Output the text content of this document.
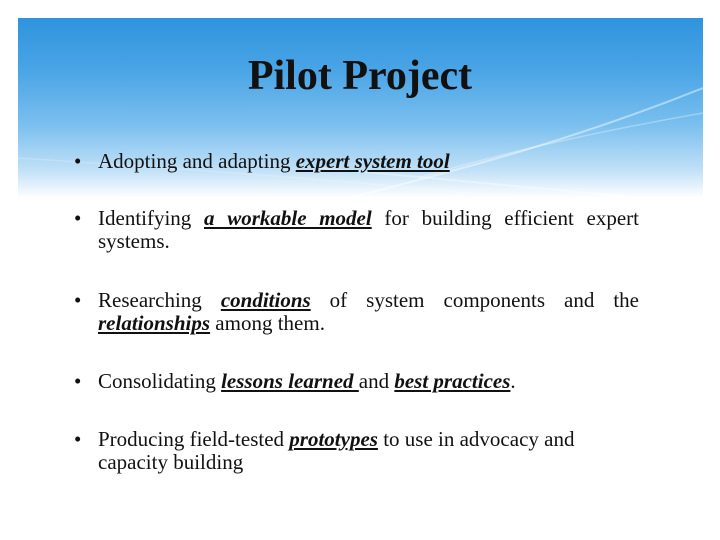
Pilot Project

• Adopting and adapting expert system tool

• Identifying a workable model for building efficient expert systems.

• Researching conditions of system components and the relationships among them.

• Consolidating lessons learned and best practices.

• Producing field-tested prototypes to use in advocacy and capacity building
